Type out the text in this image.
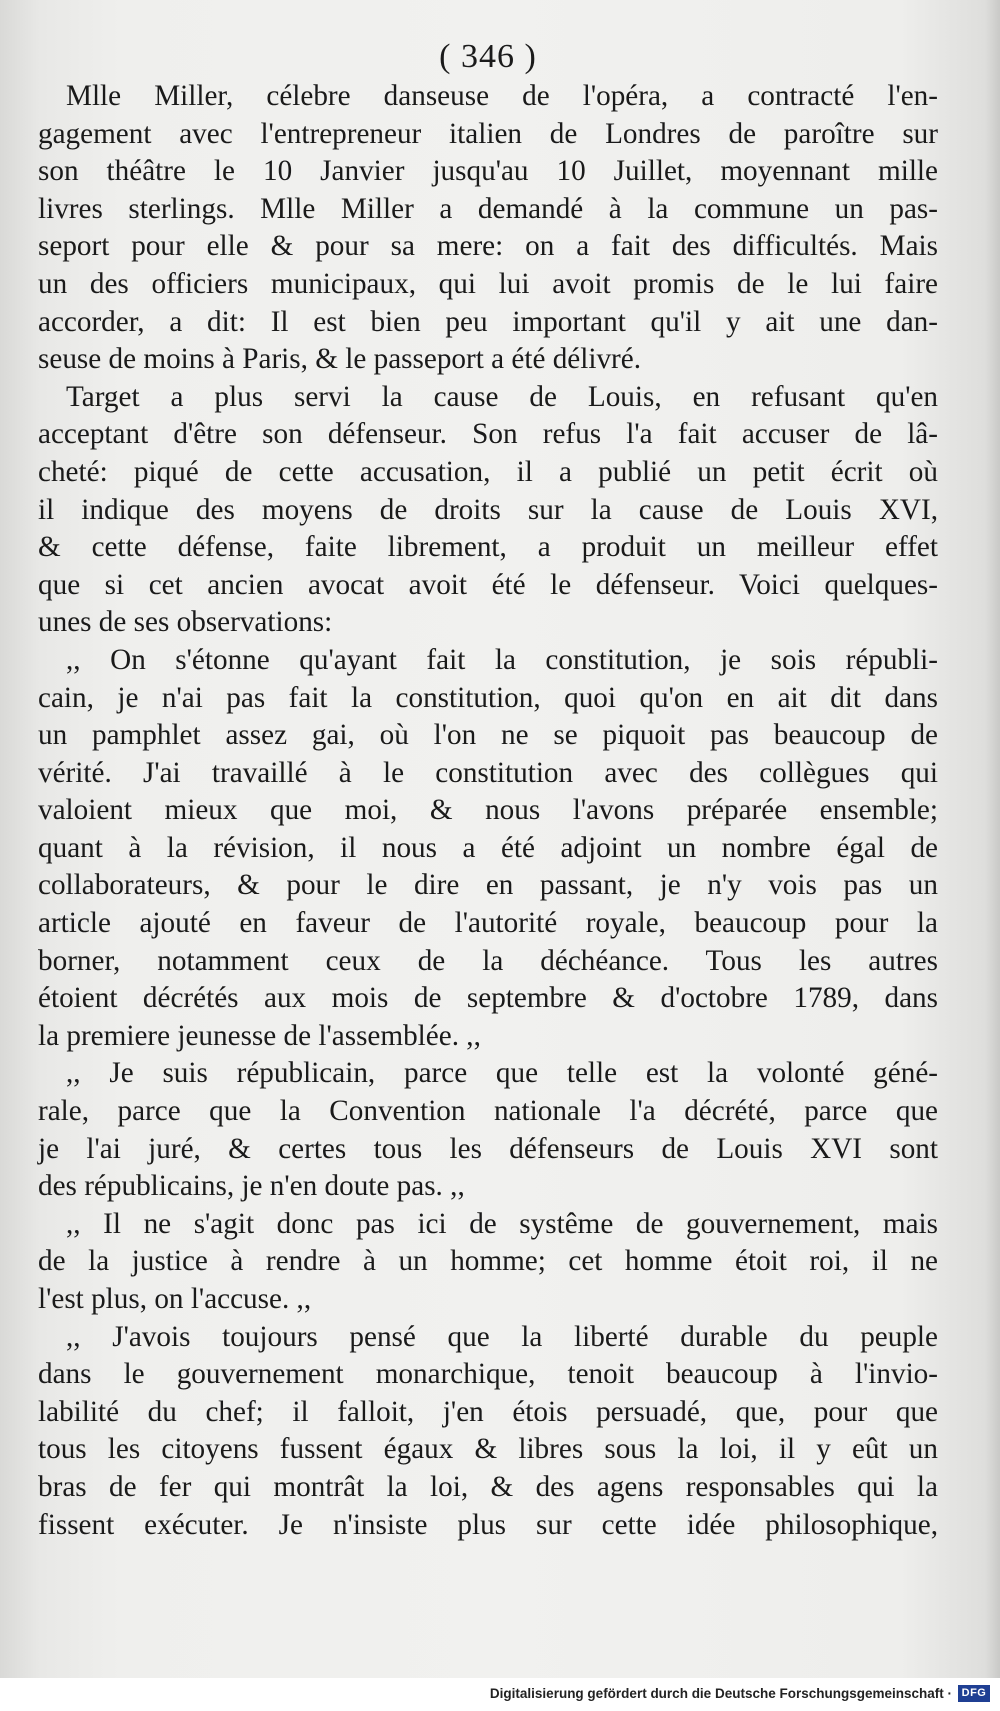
( 346 )
Mlle Miller, célebre danseuse de l'opéra, a contracté l'en-
gagement avec l'entrepreneur italien de Londres de paroître sur
son théâtre le 10 Janvier jusqu'au 10 Juillet, moyennant mille
livres sterlings. Mlle Miller a demandé à la commune un pas-
seport pour elle & pour sa mere: on a fait des difficultés. Mais
un des officiers municipaux, qui lui avoit promis de le lui faire
accorder, a dit: Il est bien peu important qu'il y ait une dan-
seuse de moins à Paris, & le passeport a été délivré.
Target a plus servi la cause de Louis, en refusant qu'en
acceptant d'être son défenseur. Son refus l'a fait accuser de lâ-
cheté: piqué de cette accusation, il a publié un petit écrit où
il indique des moyens de droits sur la cause de Louis XVI,
& cette défense, faite librement, a produit un meilleur effet
que si cet ancien avocat avoit été le défenseur. Voici quelques-
unes de ses observations:
,, On s'étonne qu'ayant fait la constitution, je sois républi-
cain, je n'ai pas fait la constitution, quoi qu'on en ait dit dans
un pamphlet assez gai, où l'on ne se piquoit pas beaucoup de
vérité. J'ai travaillé à le constitution avec des collègues qui
valoient mieux que moi, & nous l'avons préparée ensemble;
quant à la révision, il nous a été adjoint un nombre égal de
collaborateurs, & pour le dire en passant, je n'y vois pas un
article ajouté en faveur de l'autorité royale, beaucoup pour la
borner, notamment ceux de la déchéance. Tous les autres
étoient décrétés aux mois de septembre & d'octobre 1789, dans
la premiere jeunesse de l'assemblée. ,,
,, Je suis républicain, parce que telle est la volonté géné-
rale, parce que la Convention nationale l'a décrété, parce que
je l'ai juré, & certes tous les défenseurs de Louis XVI sont
des républicains, je n'en doute pas. ,,
,, Il ne s'agit donc pas ici de systême de gouvernement, mais
de la justice à rendre à un homme; cet homme étoit roi, il ne
l'est plus, on l'accuse. ,,
,, J'avois toujours pensé que la liberté durable du peuple
dans le gouvernement monarchique, tenoit beaucoup à l'invio-
labilité du chef; il falloit, j'en étois persuadé, que, pour que
tous les citoyens fussent égaux & libres sous la loi, il y eût un
bras de fer qui montrât la loi, & des agens responsables qui la
fissent exécuter. Je n'insiste plus sur cette idée philosophique,
Digitalisierung gefördert durch die Deutsche Forschungsgemeinschaft · DFG
